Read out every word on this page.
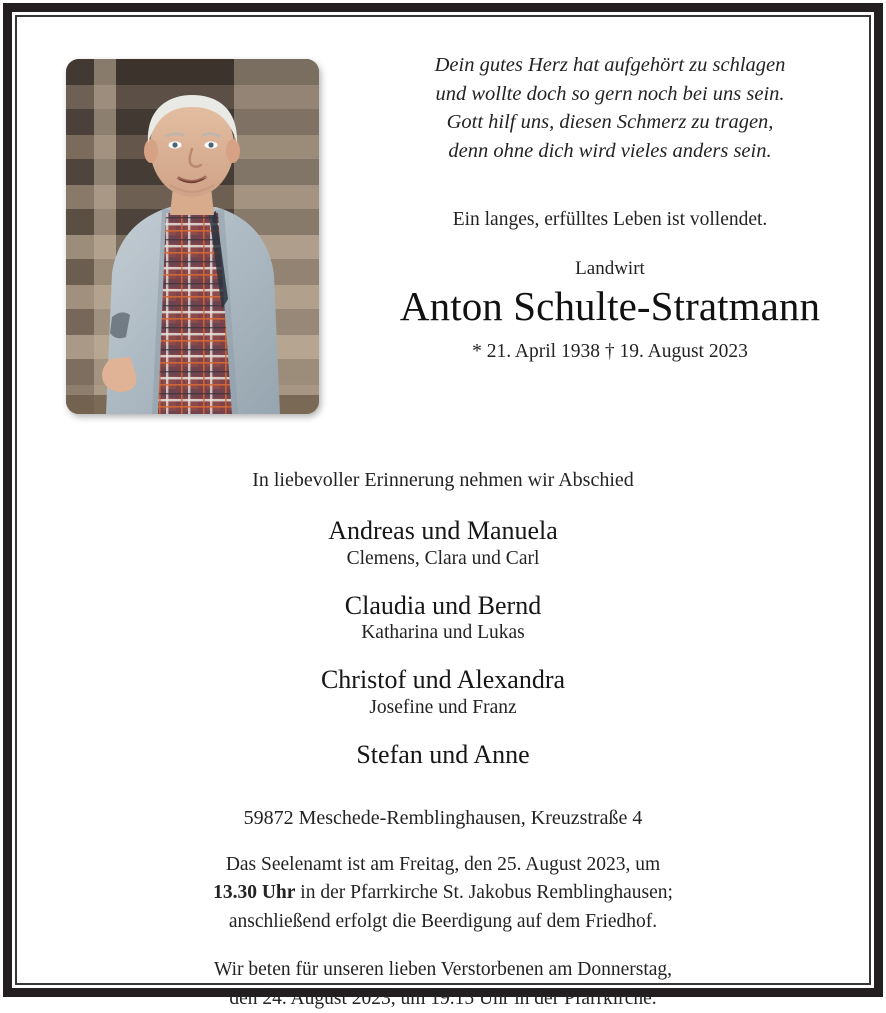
Dein gutes Herz hat aufgehört zu schlagen
und wollte doch so gern noch bei uns sein.
Gott hilf uns, diesen Schmerz zu tragen,
denn ohne dich wird vieles anders sein.
Ein langes, erfülltes Leben ist vollendet.
Landwirt
Anton Schulte-Stratmann
* 21. April 1938 † 19. August 2023
In liebevoller Erinnerung nehmen wir Abschied
Andreas und Manuela
Clemens, Clara und Carl
Claudia und Bernd
Katharina und Lukas
Christof und Alexandra
Josefine und Franz
Stefan und Anne
59872 Meschede-Remblinghausen, Kreuzstraße 4
Das Seelenamt ist am Freitag, den 25. August 2023, um
13.30 Uhr in der Pfarrkirche St. Jakobus Remblinghausen;
anschließend erfolgt die Beerdigung auf dem Friedhof.
Wir beten für unseren lieben Verstorbenen am Donnerstag,
den 24. August 2023, um 19.15 Uhr in der Pfarrkirche.
